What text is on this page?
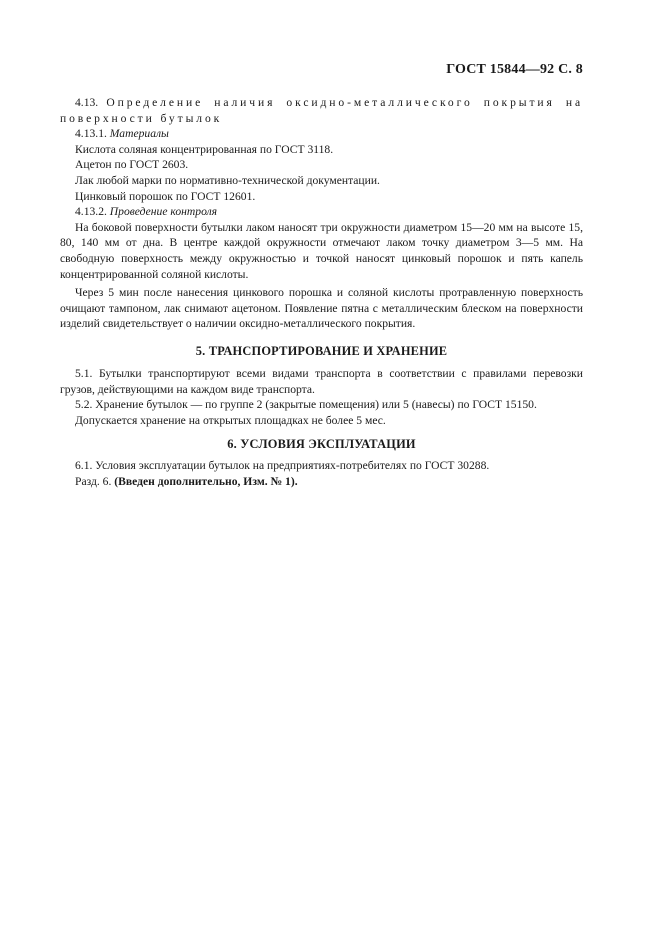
ГОСТ 15844—92 С. 8

4.13. Определение наличия оксидно-металлического покрытия на поверхности бутылок

4.13.1. Материалы

Кислота соляная концентрированная по ГОСТ 3118.

Ацетон по ГОСТ 2603.

Лак любой марки по нормативно-технической документации.

Цинковый порошок по ГОСТ 12601.

4.13.2. Проведение контроля

На боковой поверхности бутылки лаком наносят три окружности диаметром 15—20 мм на высоте 15, 80, 140 мм от дна. В центре каждой окружности отмечают лаком точку диаметром 3—5 мм. На свободную поверхность между окружностью и точкой наносят цинковый порошок и пять капель концентрированной соляной кислоты.

Через 5 мин после нанесения цинкового порошка и соляной кислоты протравленную поверхность очищают тампоном, лак снимают ацетоном. Появление пятна с металлическим блеском на поверхности изделий свидетельствует о наличии оксидно-металлического покрытия.

5. ТРАНСПОРТИРОВАНИЕ И ХРАНЕНИЕ

5.1. Бутылки транспортируют всеми видами транспорта в соответствии с правилами перевозки грузов, действующими на каждом виде транспорта.

5.2. Хранение бутылок — по группе 2 (закрытые помещения) или 5 (навесы) по ГОСТ 15150.

Допускается хранение на открытых площадках не более 5 мес.

6. УСЛОВИЯ ЭКСПЛУАТАЦИИ

6.1. Условия эксплуатации бутылок на предприятиях-потребителях по ГОСТ 30288.

Разд. 6. (Введен дополнительно, Изм. № 1).
